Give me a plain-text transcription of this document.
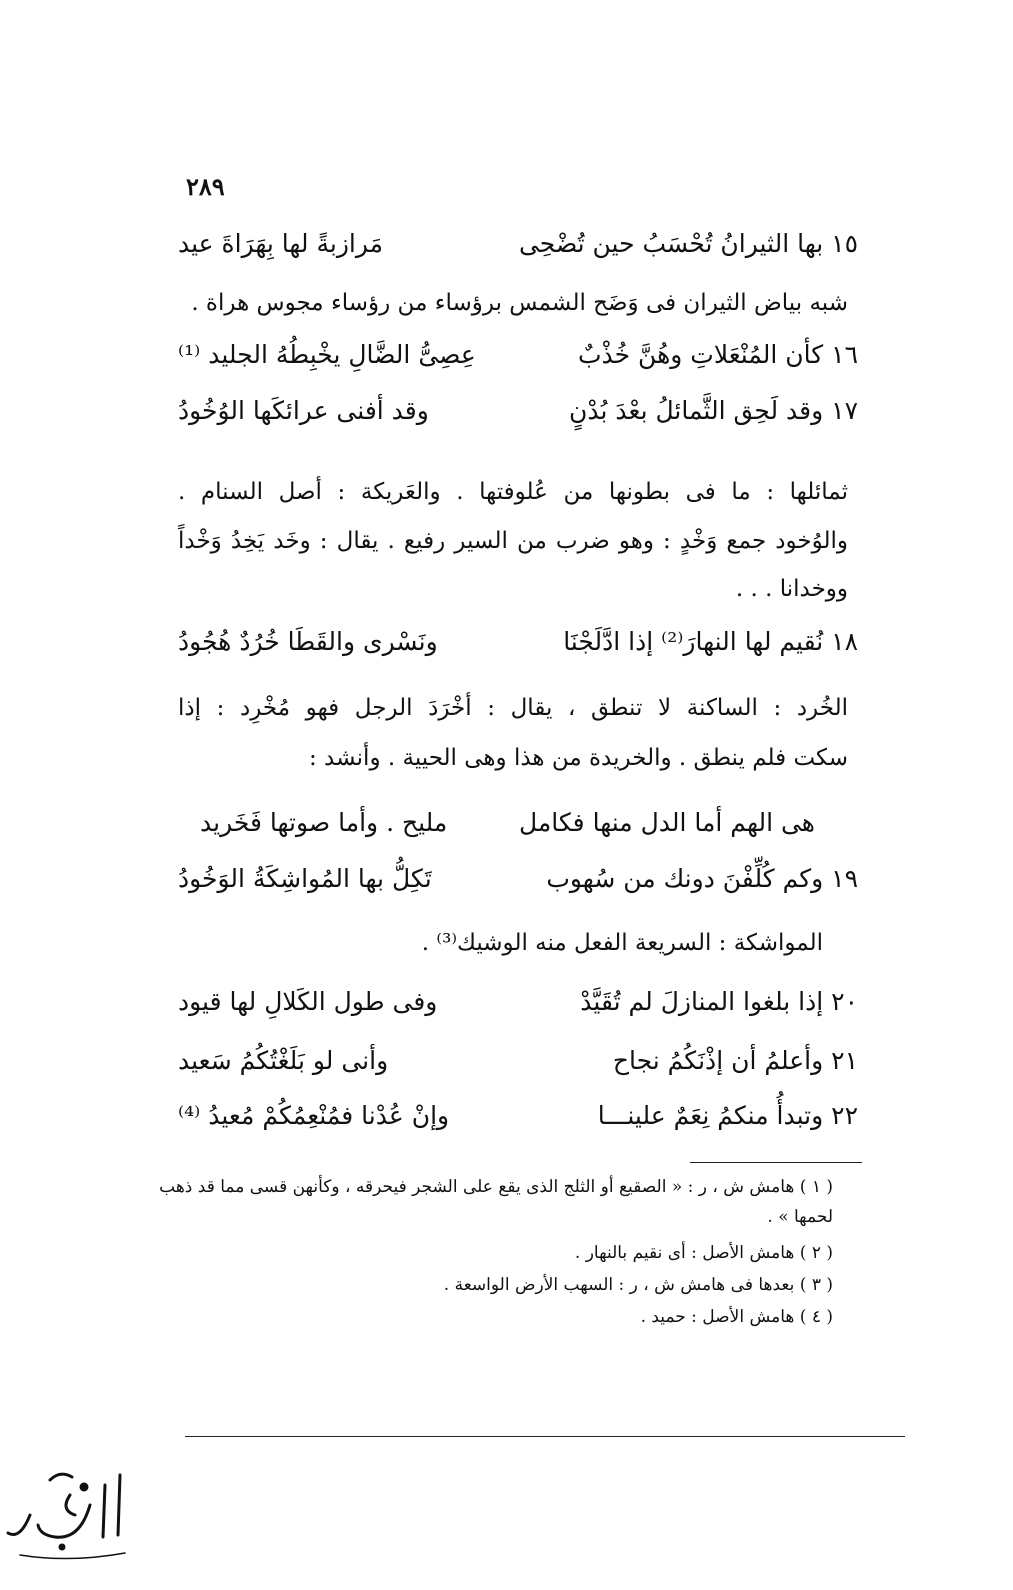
٢٨٩
١٥ بها الثيرانُ تُحْسَبُ حين تُضْحِى
مَرازبةً لها بِهَرَاةَ عيد
شبه بياض الثيران فى وَضَح الشمس برؤساء من رؤساء مجوس هراة .
١٦ كأن المُنْعَلاتِ وهُنَّ خُذْبٌ
عِصِىُّ الضَّالِ يخْبِطُهُ الجليد ⁽¹⁾
١٧ وقد لَحِق الثَّمائلُ بعْدَ بُدْنٍ
وقد أفنى عرائكَها الوُخُودُ
ثمائلها : ما فى بطونها من عُلوفتها . والعَريكة : أصل السنام .
والوُخود جمع وَخْدٍ : وهو ضرب من السير رفيع . يقال : وخَد يَخِدُ وَخْداً
ووخدانا . . .
١٨ نُقيم لها النهارَ⁽²⁾ إذا ادَّلَجْنَا
ونَسْرى والقَطَا خُرُدٌ هُجُودُ
الخُرد : الساكنة لا تنطق ، يقال : أخْرَدَ الرجل فهو مُخْرِد : إذا
سكت فلم ينطق . والخريدة من هذا وهى الحيية . وأنشد :
هى الهم أما الدل منها فكامل
مليح . وأما صوتها فَخَريد
١٩ وكم كُلِّفْنَ دونك من سُهوب
تَكِلُّ بها المُواشِكَةُ الوَخُودُ
المواشكة : السريعة الفعل منه الوشيك⁽³⁾ .
٢٠ إذا بلغوا المنازلَ لم تُقَيَّدْ
وفى طول الكَلالِ لها قيود
٢١ وأعلمُ أن إذْنَكُمُ نجاح
وأنى لو بَلَغْتُكُمُ سَعيد
٢٢ وتبدأُ منكمُ نِعَمٌ علينـــا
وإنْ عُدْنا فمُنْعِمُكُمْ مُعيدُ ⁽⁴⁾
( ١ ) هامش ش ، ر : « الصقيع أو الثلج الذى يقع على الشجر فيحرقه ، وكأنهن قسى مما قد ذهب
لحمها » .
( ٢ ) هامش الأصل : أى نقيم بالنهار .
( ٣ ) بعدها فى هامش ش ، ر : السهب الأرض الواسعة .
( ٤ ) هامش الأصل : حميد .
